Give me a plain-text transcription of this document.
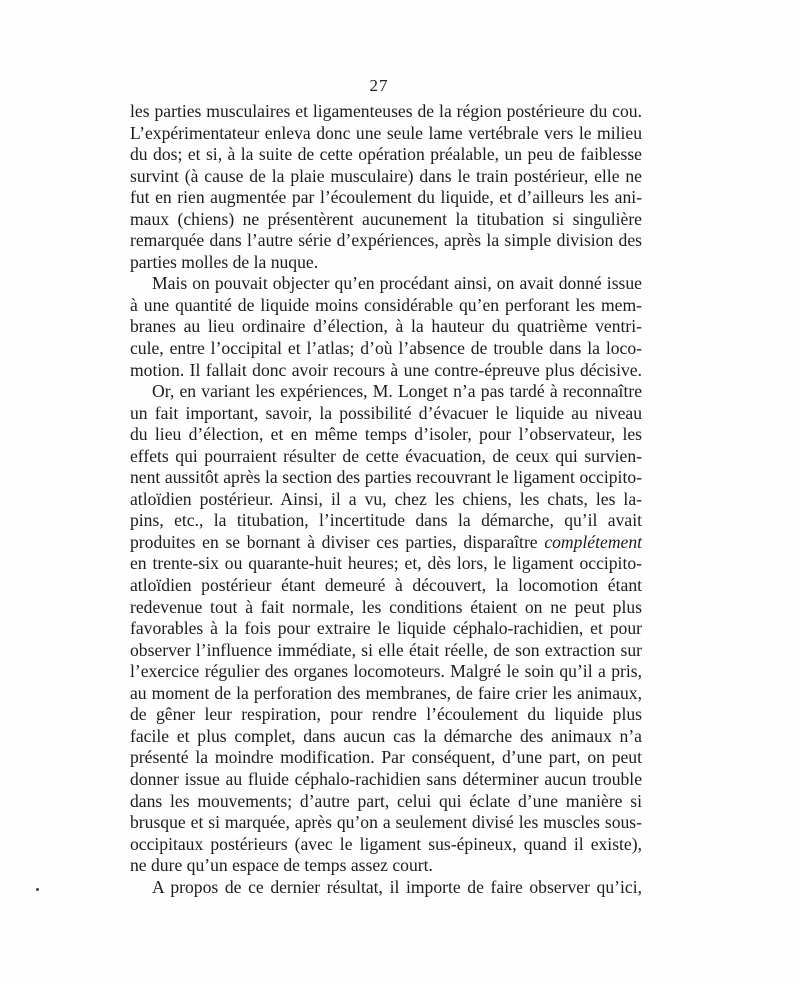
27
les parties musculaires et ligamenteuses de la région postérieure du cou.
L’expérimentateur enleva donc une seule lame vertébrale vers le milieu
du dos; et si, à la suite de cette opération préalable, un peu de faiblesse
survint (à cause de la plaie musculaire) dans le train postérieur, elle ne
fut en rien augmentée par l’écoulement du liquide, et d’ailleurs les ani-
maux (chiens) ne présentèrent aucunement la titubation si singulière
remarquée dans l’autre série d’expériences, après la simple division des
parties molles de la nuque.
Mais on pouvait objecter qu’en procédant ainsi, on avait donné issue
à une quantité de liquide moins considérable qu’en perforant les mem-
branes au lieu ordinaire d’élection, à la hauteur du quatrième ventri-
cule, entre l’occipital et l’atlas; d’où l’absence de trouble dans la loco-
motion. Il fallait donc avoir recours à une contre-épreuve plus décisive.
Or, en variant les expériences, M. Longet n’a pas tardé à reconnaître
un fait important, savoir, la possibilité d’évacuer le liquide au niveau
du lieu d’élection, et en même temps d’isoler, pour l’observateur, les
effets qui pourraient résulter de cette évacuation, de ceux qui survien-
nent aussitôt après la section des parties recouvrant le ligament occipito-
atloïdien postérieur. Ainsi, il a vu, chez les chiens, les chats, les la-
pins, etc., la titubation, l’incertitude dans la démarche, qu’il avait
produites en se bornant à diviser ces parties, disparaître complétement
en trente-six ou quarante-huit heures; et, dès lors, le ligament occipito-
atloïdien postérieur étant demeuré à découvert, la locomotion étant
redevenue tout à fait normale, les conditions étaient on ne peut plus
favorables à la fois pour extraire le liquide céphalo-rachidien, et pour
observer l’influence immédiate, si elle était réelle, de son extraction sur
l’exercice régulier des organes locomoteurs. Malgré le soin qu’il a pris,
au moment de la perforation des membranes, de faire crier les animaux,
de gêner leur respiration, pour rendre l’écoulement du liquide plus
facile et plus complet, dans aucun cas la démarche des animaux n’a
présenté la moindre modification. Par conséquent, d’une part, on peut
donner issue au fluide céphalo-rachidien sans déterminer aucun trouble
dans les mouvements; d’autre part, celui qui éclate d’une manière si
brusque et si marquée, après qu’on a seulement divisé les muscles sous-
occipitaux postérieurs (avec le ligament sus-épineux, quand il existe),
ne dure qu’un espace de temps assez court.
A propos de ce dernier résultat, il importe de faire observer qu’ici,
